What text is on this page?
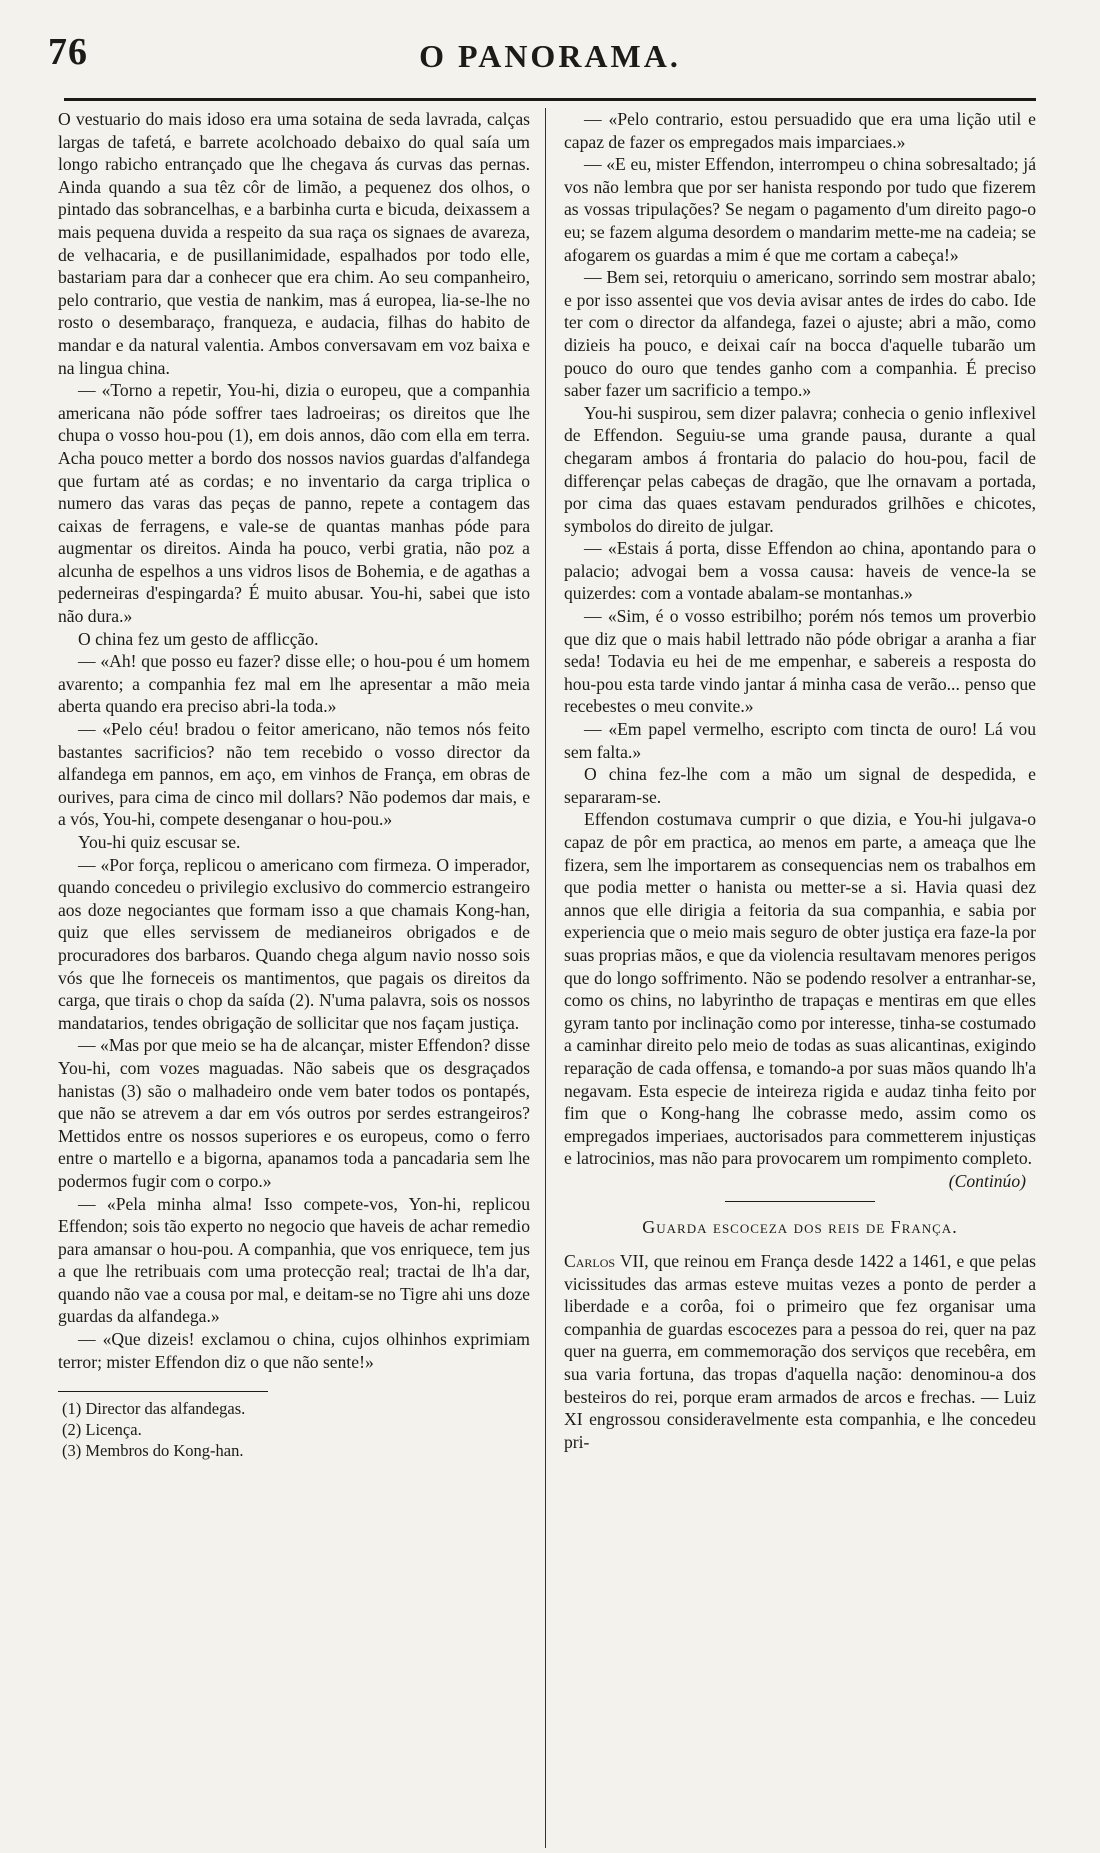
76	O PANORAMA.

O vestuario do mais idoso era uma sotaina de seda lavrada, calças largas de tafetá, e barrete acolchoado debaixo do qual saía um longo rabicho entrançado que lhe chegava ás curvas das pernas. Ainda quando a sua têz côr de limão, a pequenez dos olhos, o pintado das sobrancelhas, e a barbinha curta e bicuda, deixassem a mais pequena duvida a respeito da sua raça os signaes de avareza, de velhacaria, e de pusillanimidade, espalhados por todo elle, bastariam para dar a conhecer que era chim. Ao seu companheiro, pelo contrario, que vestia de nankim, mas á europea, lia-se-lhe no rosto o desembaraço, franqueza, e audacia, filhas do habito de mandar e da natural valentia. Ambos conversavam em voz baixa e na lingua china.

— «Torno a repetir, You-hi, dizia o europeu, que a companhia americana não póde soffrer taes ladroeiras; os direitos que lhe chupa o vosso hou-pou (1), em dois annos, dão com ella em terra. Acha pouco metter a bordo dos nossos navios guardas d'alfandega que furtam até as cordas; e no inventario da carga triplica o numero das varas das peças de panno, repete a contagem das caixas de ferragens, e vale-se de quantas manhas póde para augmentar os direitos. Ainda ha pouco, verbi gratia, não poz a alcunha de espelhos a uns vidros lisos de Bohemia, e de agathas a pederneiras d'espingarda? É muito abusar. You-hi, sabei que isto não dura.»

O china fez um gesto de afflicção.

— «Ah! que posso eu fazer? disse elle; o hou-pou é um homem avarento; a companhia fez mal em lhe apresentar a mão meia aberta quando era preciso abri-la toda.»

— «Pelo céu! bradou o feitor americano, não temos nós feito bastantes sacrificios? não tem recebido o vosso director da alfandega em pannos, em aço, em vinhos de França, em obras de ourives, para cima de cinco mil dollars? Não podemos dar mais, e a vós, You-hi, compete desenganar o hou-pou.»

You-hi quiz escusar se.

— «Por força, replicou o americano com firmeza. O imperador, quando concedeu o privilegio exclusivo do commercio estrangeiro aos doze negociantes que formam isso a que chamais Kong-han, quiz que elles servissem de medianeiros obrigados e de procuradores dos barbaros. Quando chega algum navio nosso sois vós que lhe forneceis os mantimentos, que pagais os direitos da carga, que tirais o chop da saída (2). N'uma palavra, sois os nossos mandatarios, tendes obrigação de sollicitar que nos façam justiça.

— «Mas por que meio se ha de alcançar, mister Effendon? disse You-hi, com vozes maguadas. Não sabeis que os desgraçados hanistas (3) são o malhadeiro onde vem bater todos os pontapés, que não se atrevem a dar em vós outros por serdes estrangeiros? Mettidos entre os nossos superiores e os europeus, como o ferro entre o martello e a bigorna, apanamos toda a pancadaria sem lhe podermos fugir com o corpo.»

— «Pela minha alma! Isso compete-vos, Yon-hi, replicou Effendon; sois tão experto no negocio que haveis de achar remedio para amansar o hou-pou. A companhia, que vos enriquece, tem jus a que lhe retribuais com uma protecção real; tractai de lh'a dar, quando não vae a cousa por mal, e deitam-se no Tigre ahi uns doze guardas da alfandega.»

— «Que dizeis! exclamou o china, cujos olhinhos exprimiam terror; mister Effendon diz o que não sente!»

(1) Director das alfandegas.

(2) Licença.

(3) Membros do Kong-han.

— «Pelo contrario, estou persuadido que era uma lição util e capaz de fazer os empregados mais imparciaes.»

— «E eu, mister Effendon, interrompeu o china sobresaltado; já vos não lembra que por ser hanista respondo por tudo que fizerem as vossas tripulações? Se negam o pagamento d'um direito pago-o eu; se fazem alguma desordem o mandarim mette-me na cadeia; se afogarem os guardas a mim é que me cortam a cabeça!»

— Bem sei, retorquiu o americano, sorrindo sem mostrar abalo; e por isso assentei que vos devia avisar antes de irdes do cabo. Ide ter com o director da alfandega, fazei o ajuste; abri a mão, como dizieis ha pouco, e deixai caír na bocca d'aquelle tubarão um pouco do ouro que tendes ganho com a companhia. É preciso saber fazer um sacrificio a tempo.»

You-hi suspirou, sem dizer palavra; conhecia o genio inflexivel de Effendon. Seguiu-se uma grande pausa, durante a qual chegaram ambos á frontaria do palacio do hou-pou, facil de differençar pelas cabeças de dragão, que lhe ornavam a portada, por cima das quaes estavam pendurados grilhões e chicotes, symbolos do direito de julgar.

— «Estais á porta, disse Effendon ao china, apontando para o palacio; advogai bem a vossa causa: haveis de vence-la se quizerdes: com a vontade abalam-se montanhas.»

— «Sim, é o vosso estribilho; porém nós temos um proverbio que diz que o mais habil lettrado não póde obrigar a aranha a fiar seda! Todavia eu hei de me empenhar, e sabereis a resposta do hou-pou esta tarde vindo jantar á minha casa de verão... penso que recebestes o meu convite.»

— «Em papel vermelho, escripto com tincta de ouro! Lá vou sem falta.»

O china fez-lhe com a mão um signal de despedida, e separaram-se.

Effendon costumava cumprir o que dizia, e You-hi julgava-o capaz de pôr em practica, ao menos em parte, a ameaça que lhe fizera, sem lhe importarem as consequencias nem os trabalhos em que podia metter o hanista ou metter-se a si. Havia quasi dez annos que elle dirigia a feitoria da sua companhia, e sabia por experiencia que o meio mais seguro de obter justiça era faze-la por suas proprias mãos, e que da violencia resultavam menores perigos que do longo soffrimento. Não se podendo resolver a entranhar-se, como os chins, no labyrintho de trapaças e mentiras em que elles gyram tanto por inclinação como por interesse, tinha-se costumado a caminhar direito pelo meio de todas as suas alicantinas, exigindo reparação de cada offensa, e tomando-a por suas mãos quando lh'a negavam. Esta especie de inteireza rigida e audaz tinha feito por fim que o Kong-hang lhe cobrasse medo, assim como os empregados imperiaes, auctorisados para commetterem injustiças e latrocinios, mas não para provocarem um rompimento completo.

(Continúo)

Guarda escoceza dos reis de França.

Carlos VII, que reinou em França desde 1422 a 1461, e que pelas vicissitudes das armas esteve muitas vezes a ponto de perder a liberdade e a corôa, foi o primeiro que fez organisar uma companhia de guardas escocezes para a pessoa do rei, quer na paz quer na guerra, em commemoração dos serviços que recebêra, em sua varia fortuna, das tropas d'aquella nação: denominou-a dos besteiros do rei, porque eram armados de arcos e frechas. — Luiz XI engrossou consideravelmente esta companhia, e lhe concedeu pri-
